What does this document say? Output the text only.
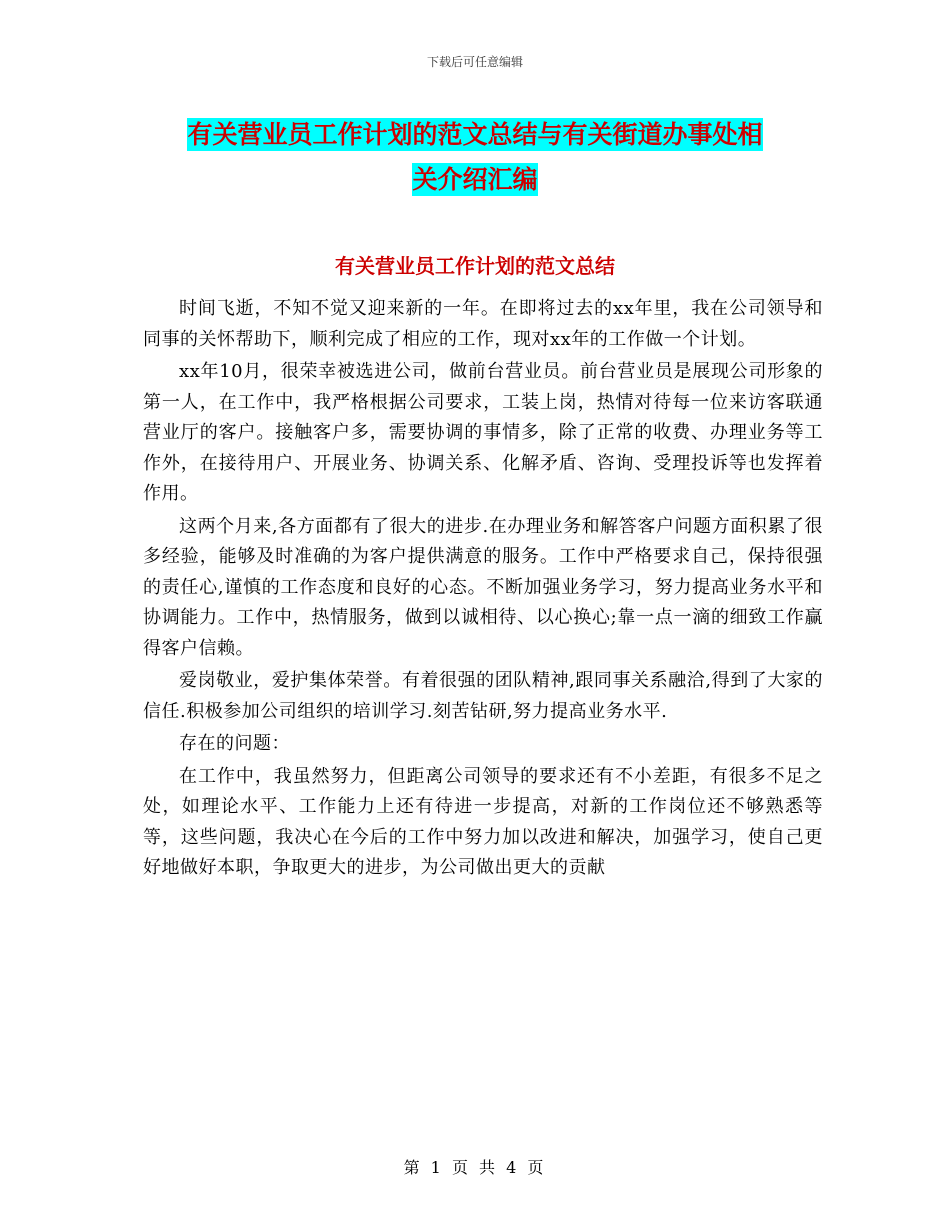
下载后可任意编辑
有关营业员工作计划的范文总结与有关街道办事处相
关介绍汇编
有关营业员工作计划的范文总结

时间飞逝，不知不觉又迎来新的一年。在即将过去的xx年里，我在公司领导和同事的关怀帮助下，顺利完成了相应的工作，现对xx年的工作做一个计划。

xx年10月，很荣幸被选进公司，做前台营业员。前台营业员是展现公司形象的第一人，在工作中，我严格根据公司要求，工装上岗，热情对待每一位来访客联通营业厅的客户。接触客户多，需要协调的事情多，除了正常的收费、办理业务等工作外，在接待用户、开展业务、协调关系、化解矛盾、咨询、受理投诉等也发挥着作用。

这两个月来,各方面都有了很大的进步.在办理业务和解答客户问题方面积累了很多经验，能够及时准确的为客户提供满意的服务。工作中严格要求自己，保持很强的责任心,谨慎的工作态度和良好的心态。不断加强业务学习，努力提高业务水平和协调能力。工作中，热情服务，做到以诚相待、以心换心;靠一点一滴的细致工作赢得客户信赖。

爱岗敬业，爱护集体荣誉。有着很强的团队精神,跟同事关系融洽,得到了大家的信任.积极参加公司组织的培训学习.刻苦钻研,努力提高业务水平.

存在的问题：

在工作中，我虽然努力，但距离公司领导的要求还有不小差距，有很多不足之处，如理论水平、工作能力上还有待进一步提高，对新的工作岗位还不够熟悉等等，这些问题，我决心在今后的工作中努力加以改进和解决，加强学习，使自己更好地做好本职，争取更大的进步，为公司做出更大的贡献

第 1 页 共 4 页
